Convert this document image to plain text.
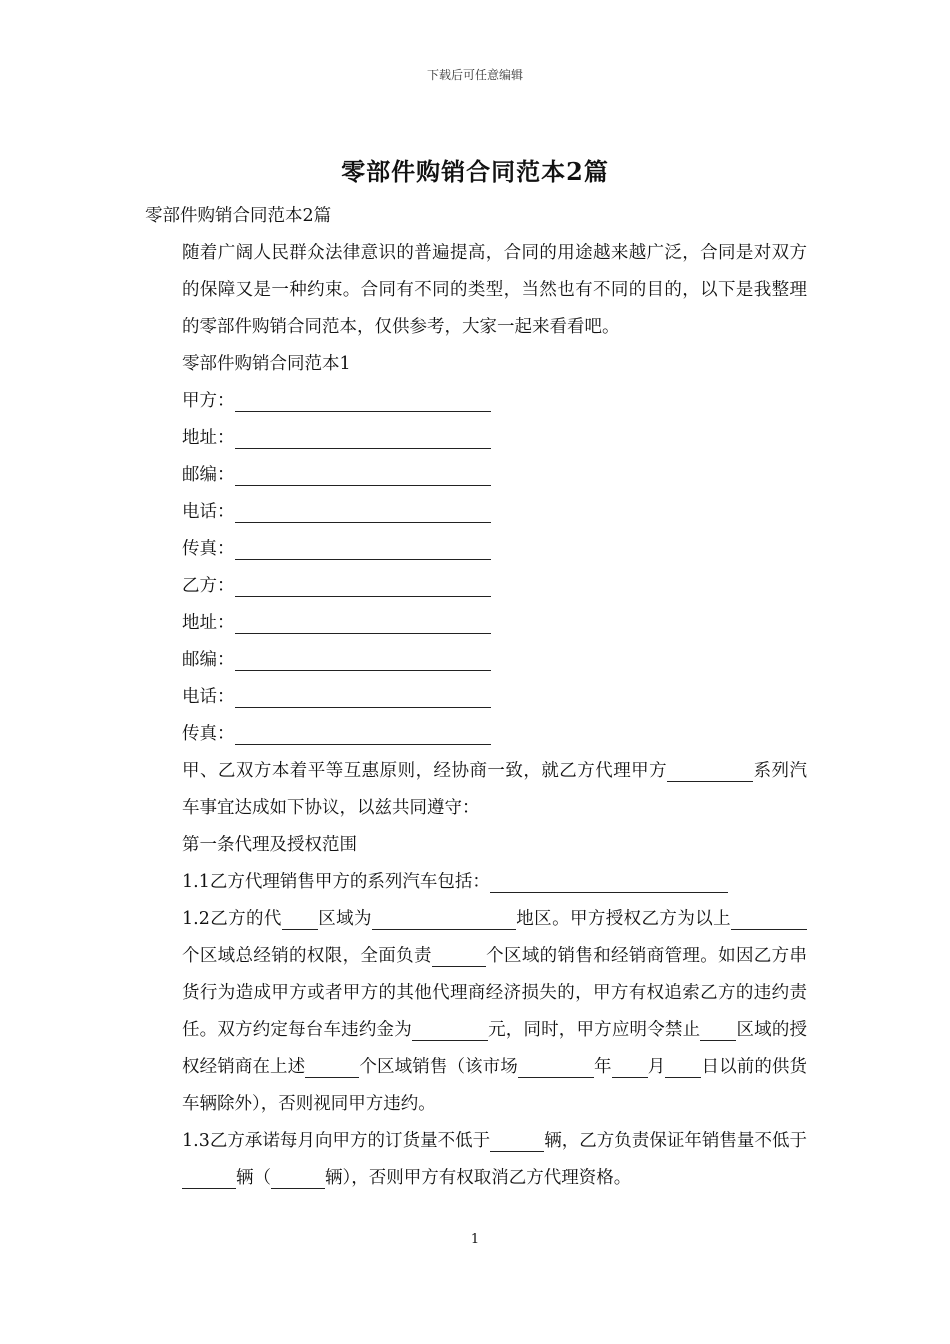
下载后可任意编辑
零部件购销合同范本2篇
零部件购销合同范本2篇
随着广阔人民群众法律意识的普遍提高，合同的用途越来越广泛，合同是对双方的保障又是一种约束。合同有不同的类型，当然也有不同的目的，以下是我整理的零部件购销合同范本，仅供参考，大家一起来看看吧。
零部件购销合同范本1
甲方：
地址：
邮编：
电话：
传真：
乙方：
地址：
邮编：
电话：
传真：
甲、乙双方本着平等互惠原则，经协商一致，就乙方代理甲方	系列汽车事宜达成如下协议，以兹共同遵守：
第一条代理及授权范围
1.1乙方代理销售甲方的系列汽车包括：
1.2乙方的代 区域为	地区。甲方授权乙方为以上个区域总经销的权限，全面负责	个区域的销售和经销商管理。如因乙方串货行为造成甲方或者甲方的其他代理商经济损失的，甲方有权追索乙方的违约责任。双方约定每台车违约金为	元，同时，甲方应明令禁止 区域的授权经销商在上述	个区域销售（该市场	年 月 日以前的供货车辆除外），否则视同甲方违约。
1.3乙方承诺每月向甲方的订货量不低于	辆，乙方负责保证年销售量不低于辆（	辆），否则甲方有权取消乙方代理资格。
1
